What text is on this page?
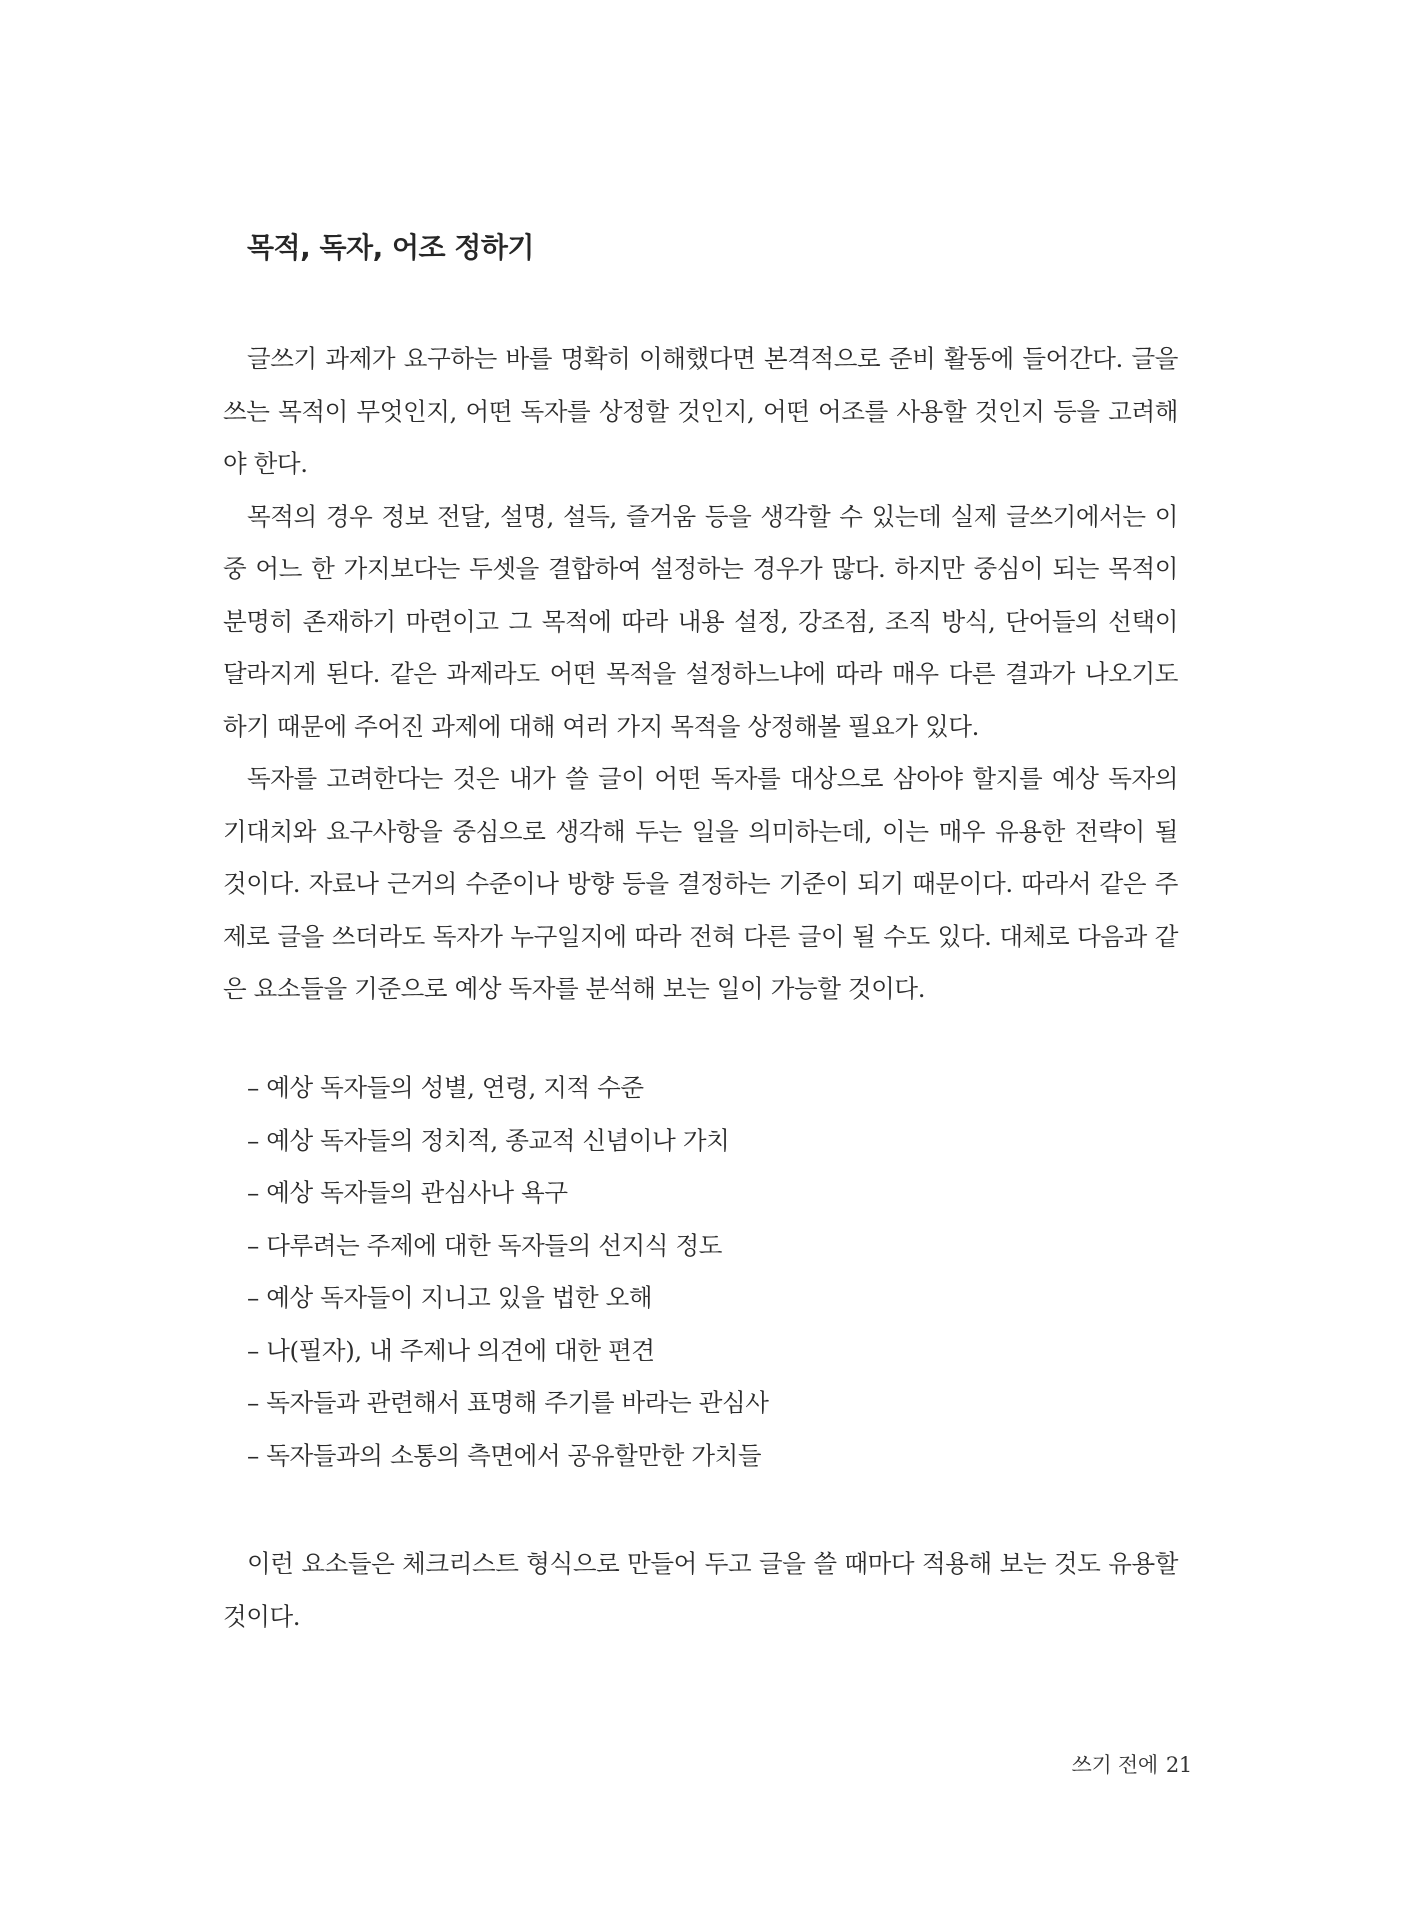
목적, 독자, 어조 정하기

글쓰기 과제가 요구하는 바를 명확히 이해했다면 본격적으로 준비 활동에 들어간다. 글을 쓰는 목적이 무엇인지, 어떤 독자를 상정할 것인지, 어떤 어조를 사용할 것인지 등을 고려해야 한다.

목적의 경우 정보 전달, 설명, 설득, 즐거움 등을 생각할 수 있는데 실제 글쓰기에서는 이 중 어느 한 가지보다는 두셋을 결합하여 설정하는 경우가 많다. 하지만 중심이 되는 목적이 분명히 존재하기 마련이고 그 목적에 따라 내용 설정, 강조점, 조직 방식, 단어들의 선택이 달라지게 된다. 같은 과제라도 어떤 목적을 설정하느냐에 따라 매우 다른 결과가 나오기도 하기 때문에 주어진 과제에 대해 여러 가지 목적을 상정해볼 필요가 있다.

독자를 고려한다는 것은 내가 쓸 글이 어떤 독자를 대상으로 삼아야 할지를 예상 독자의 기대치와 요구사항을 중심으로 생각해 두는 일을 의미하는데, 이는 매우 유용한 전략이 될 것이다. 자료나 근거의 수준이나 방향 등을 결정하는 기준이 되기 때문이다. 따라서 같은 주제로 글을 쓰더라도 독자가 누구일지에 따라 전혀 다른 글이 될 수도 있다. 대체로 다음과 같은 요소들을 기준으로 예상 독자를 분석해 보는 일이 가능할 것이다.

– 예상 독자들의 성별, 연령, 지적 수준
– 예상 독자들의 정치적, 종교적 신념이나 가치
– 예상 독자들의 관심사나 욕구
– 다루려는 주제에 대한 독자들의 선지식 정도
– 예상 독자들이 지니고 있을 법한 오해
– 나(필자), 내 주제나 의견에 대한 편견
– 독자들과 관련해서 표명해 주기를 바라는 관심사
– 독자들과의 소통의 측면에서 공유할만한 가치들

이런 요소들은 체크리스트 형식으로 만들어 두고 글을 쓸 때마다 적용해 보는 것도 유용할 것이다.

쓰기 전에 21
